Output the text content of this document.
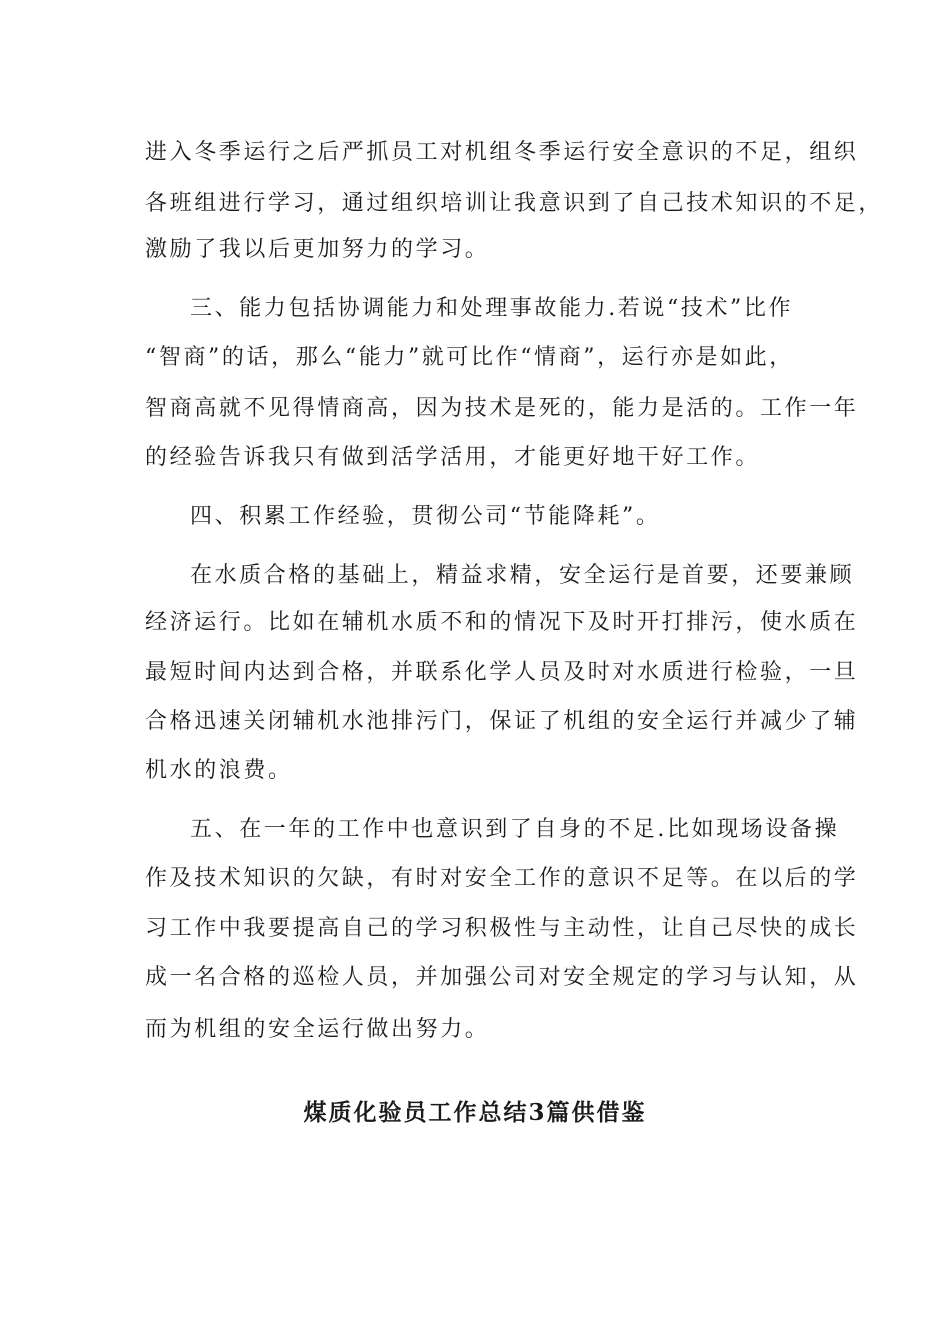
进入冬季运行之后严抓员工对机组冬季运行安全意识的不足，组织
各班组进行学习，通过组织培训让我意识到了自己技术知识的不足，
激励了我以后更加努力的学习。
三、能力包括协调能力和处理事故能力.若说“技术”比作
“智商”的话，那么“能力”就可比作“情商”，运行亦是如此，
智商高就不见得情商高，因为技术是死的，能力是活的。工作一年
的经验告诉我只有做到活学活用，才能更好地干好工作。
四、积累工作经验，贯彻公司“节能降耗”。
在水质合格的基础上，精益求精，安全运行是首要，还要兼顾
经济运行。比如在辅机水质不和的情况下及时开打排污，使水质在
最短时间内达到合格，并联系化学人员及时对水质进行检验，一旦
合格迅速关闭辅机水池排污门，保证了机组的安全运行并减少了辅
机水的浪费。
五、在一年的工作中也意识到了自身的不足.比如现场设备操
作及技术知识的欠缺，有时对安全工作的意识不足等。在以后的学
习工作中我要提高自己的学习积极性与主动性，让自己尽快的成长
成一名合格的巡检人员，并加强公司对安全规定的学习与认知，从
而为机组的安全运行做出努力。
煤质化验员工作总结3篇供借鉴
